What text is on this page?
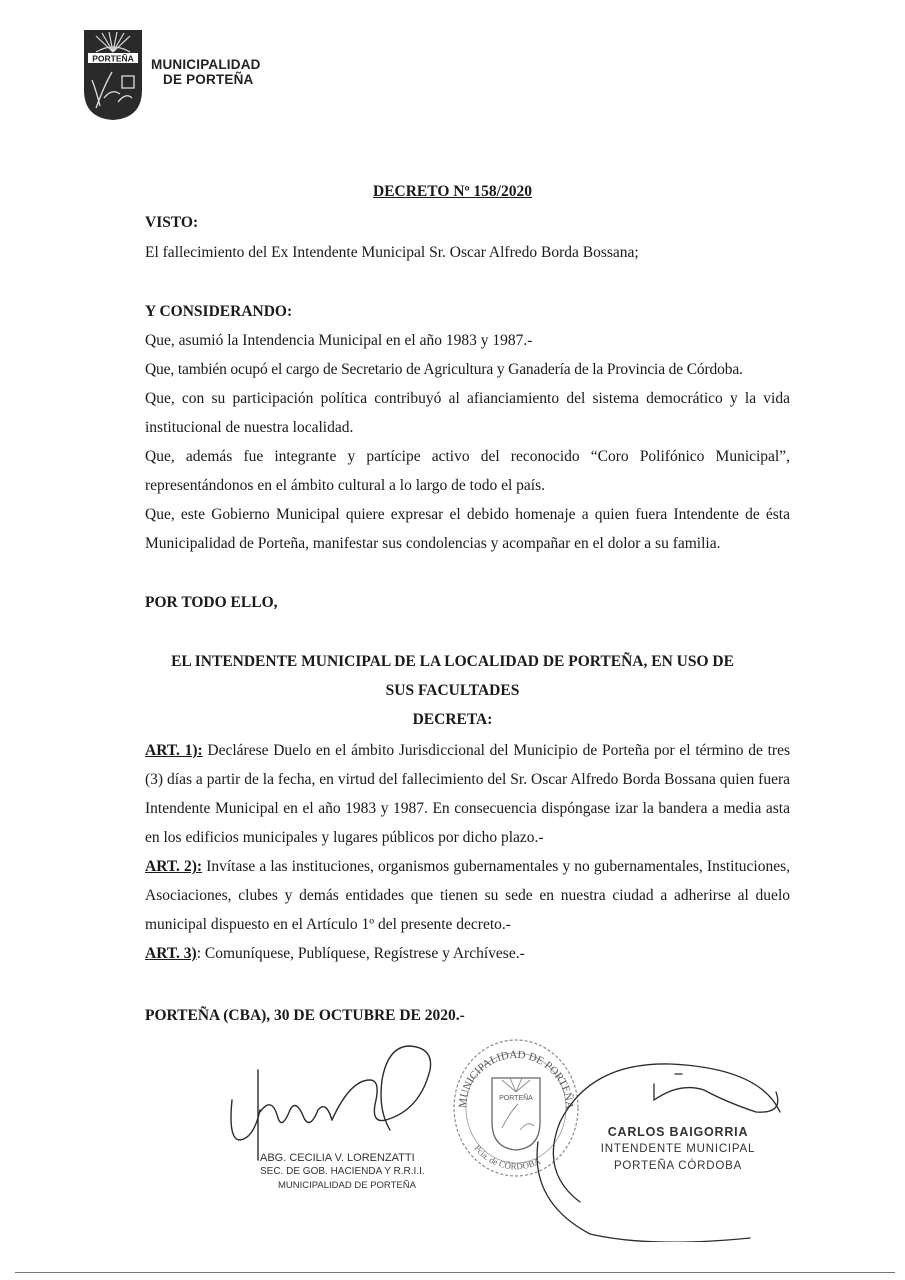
PORTEÑA MUNICIPALIDAD
DE PORTEÑA
DECRETO Nº 158/2020
VISTO:
El fallecimiento del Ex Intendente Municipal Sr. Oscar Alfredo Borda Bossana;
Y CONSIDERANDO:
Que, asumió la Intendencia Municipal en el año 1983 y 1987.-
Que, también ocupó el cargo de Secretario de Agricultura y Ganadería de la Provincia de Córdoba.
Que, con su participación política contribuyó al afianciamiento del sistema democrático y la vida institucional de nuestra localidad.
Que, además fue integrante y partícipe activo del reconocido “Coro Polifónico Municipal”, representándonos en el ámbito cultural a lo largo de todo el país.
Que, este Gobierno Municipal quiere expresar el debido homenaje a quien fuera Intendente de ésta Municipalidad de Porteña, manifestar sus condolencias y acompañar en el dolor a su familia.
POR TODO ELLO,
EL INTENDENTE MUNICIPAL DE LA LOCALIDAD DE PORTEÑA, EN USO DE
SUS FACULTADES
DECRETA:
ART. 1): Declárese Duelo en el ámbito Jurisdiccional del Municipio de Porteña por el término de tres (3) días a partir de la fecha, en virtud del fallecimiento del Sr. Oscar Alfredo Borda Bossana quien fuera Intendente Municipal en el año 1983 y 1987. En consecuencia dispóngase izar la bandera a media asta en los edificios municipales y lugares públicos por dicho plazo.-
ART. 2): Invítase a las instituciones, organismos gubernamentales y no gubernamentales, Instituciones, Asociaciones, clubes y demás entidades que tienen su sede en nuestra ciudad a adherirse al duelo municipal dispuesto en el Artículo 1º del presente decreto.-
ART. 3): Comuníquese, Publíquese, Regístrese y Archívese.-
PORTEÑA (CBA), 30 DE OCTUBRE DE 2020.-
ABG. CECILIA V. LORENZATTI
SEC. DE GOB. HACIENDA Y R.R.I.I.
MUNICIPALIDAD DE PORTEÑA
MUNICIPALIDAD DE PORTEÑA
PORTEÑA
Pcia. de CÓRDOBA
CARLOS BAIGORRIA
INTENDENTE MUNICIPAL
PORTEÑA CÓRDOBA
